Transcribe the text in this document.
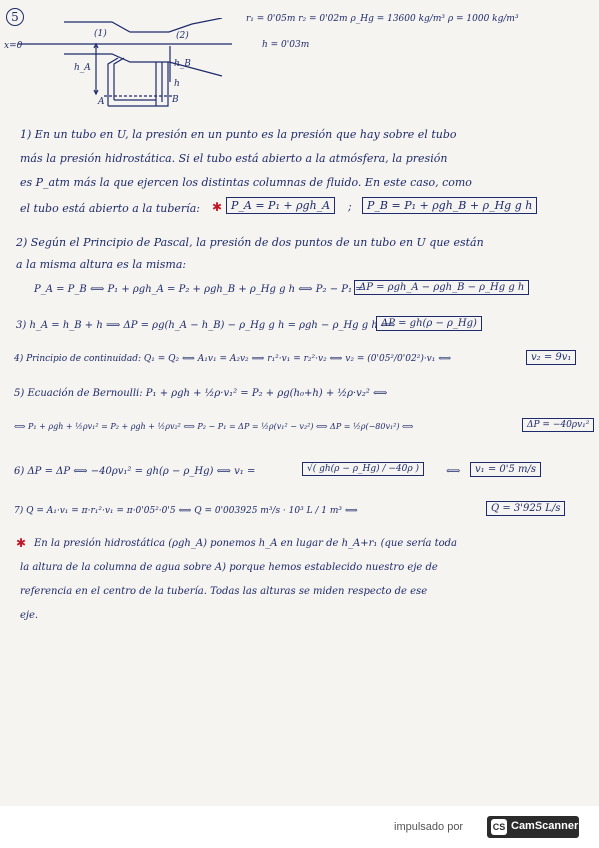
5	r₁ = 0'05m r₂ = 0'02m ρ_Hg = 13600 kg/m³ ρ = 1000 kg/m³
h = 0'03m
x=0
(1)	(2)
h_A	h_B
h
A	B
1) En un tubo en U, la presión en un punto es la presión que hay sobre el tubo
más la presión hidrostática. Si el tubo está abierto a la atmósfera, la presión
es P_atm más la que ejercen los distintas columnas de fluido. En este caso, como
el tubo está abierto a la tubería: ✱ P_A = P₁ + ρgh_A	;	P_B = P₁ + ρgh_B + ρ_Hg g h
2) Según el Principio de Pascal, la presión de dos puntos de un tubo en U que están
a la misma altura es la misma:
P_A = P_B ⟺ P₁ + ρgh_A = P₂ + ρgh_B + ρ_Hg g h ⟺ P₂ − P₁ =
ΔP = ρgh_A − ρgh_B − ρ_Hg g h
3) h_A = h_B + h ⟹ ΔP = ρg(h_A − h_B) − ρ_Hg g h = ρgh − ρ_Hg g h ⟺
ΔP = gh(ρ − ρ_Hg)
4) Principio de continuidad: Q₁ = Q₂ ⟺ A₁v₁ = A₂v₂ ⟹ r₁²·v₁ = r₂²·v₂ ⟺ v₂ = (0'05²/0'02²)·v₁ ⟺	v₂ = 9v₁
5) Ecuación de Bernoulli: P₁ + ρgh + ½ρ·v₁² = P₂ + ρg(h₀+h) + ½ρ·v₂² ⟺
⟺ P₁ + ρgh + ½ρv₁² = P₂ + ρgh + ½ρv₂² ⟺ P₂ − P₁ = ΔP = ½ρ(v₁² − v₂²) ⟺ ΔP = ½ρ(−80v₁²) ⟺	ΔP = −40ρv₁²
6) ΔP = ΔP ⟺ −40ρv₁² = gh(ρ − ρ_Hg) ⟺ v₁ =	√( gh(ρ − ρ_Hg) / −40ρ )	⟺	v₁ = 0'5 m/s
7) Q = A₁·v₁ = π·r₁²·v₁ = π·0'05²·0'5 ⟺ Q = 0'003925 m³/s · 10³ L / 1 m³ ⟺	Q = 3'925 L/s
✱ En la presión hidrostática (ρgh_A) ponemos h_A en lugar de h_A+r₁ (que sería toda
la altura de la columna de agua sobre A) porque hemos establecido nuestro eje de
referencia en el centro de la tubería. Todas las alturas se miden respecto de ese
eje.
impulsado por	CS CamScanner
